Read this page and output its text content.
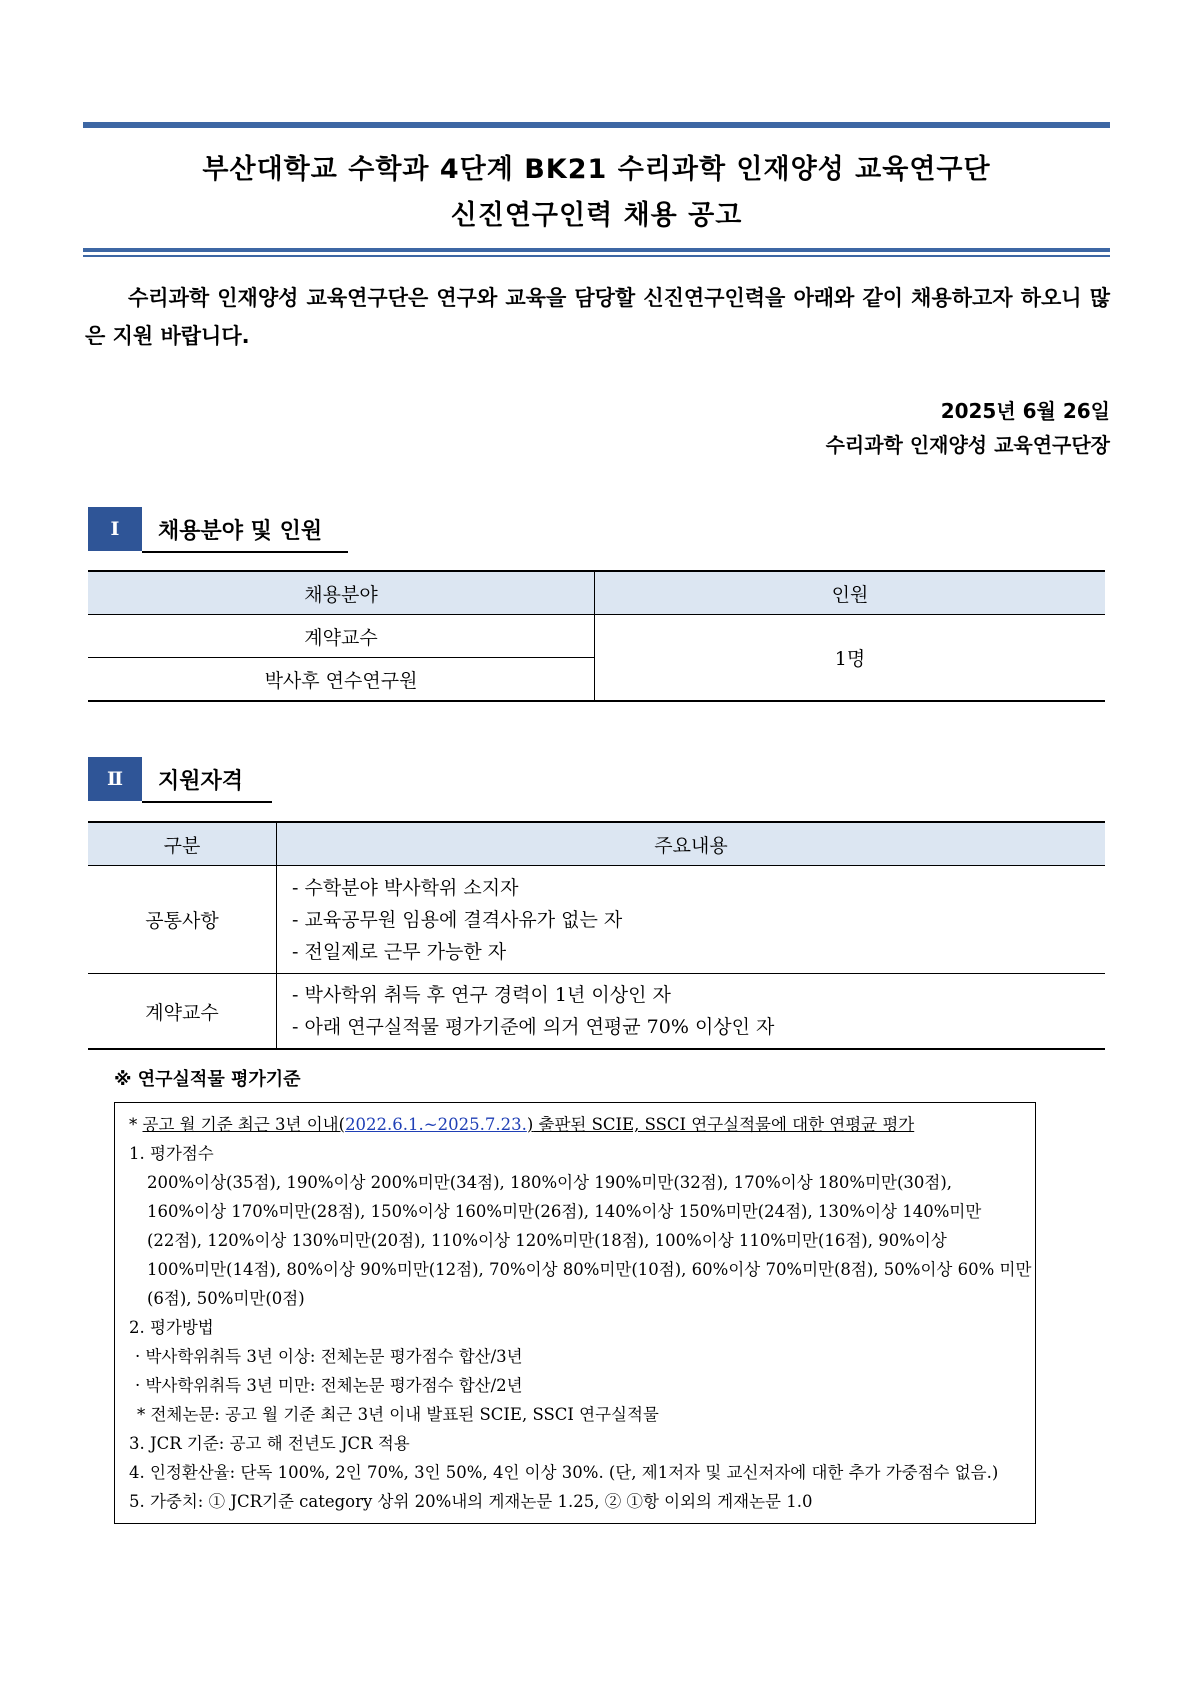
부산대학교 수학과 4단계 BK21 수리과학 인재양성 교육연구단
신진연구인력 채용 공고
수리과학 인재양성 교육연구단은 연구와 교육을 담당할 신진연구인력을 아래와 같이 채용하고자 하오니 많은 지원 바랍니다.
2025년 6월 26일
수리과학 인재양성 교육연구단장
Ⅰ	채용분야 및 인원
채용분야	인원
계약교수	1명
박사후 연수연구원	
Ⅱ	지원자격
구분	주요내용
공통사항	- 수학분야 박사학위 소지자
- 교육공무원 임용에 결격사유가 없는 자
- 전일제로 근무 가능한 자

계약교수	- 박사학위 취득 후 연구 경력이 1년 이상인 자
- 아래 연구실적물 평가기준에 의거 연평균 70% 이상인 자
※ 연구실적물 평가기준
* 공고 월 기준 최근 3년 이내(2022.6.1.~2025.7.23.) 출판된 SCIE, SSCI 연구실적물에 대한 연평균 평가
1. 평가점수
200%이상(35점), 190%이상 200%미만(34점), 180%이상 190%미만(32점), 170%이상 180%미만(30점),
160%이상 170%미만(28점), 150%이상 160%미만(26점), 140%이상 150%미만(24점), 130%이상 140%미만
(22점), 120%이상 130%미만(20점), 110%이상 120%미만(18점), 100%이상 110%미만(16점), 90%이상
100%미만(14점), 80%이상 90%미만(12점), 70%이상 80%미만(10점), 60%이상 70%미만(8점), 50%이상 60% 미만
(6점), 50%미만(0점)
2. 평가방법
· 박사학위취득 3년 이상: 전체논문 평가점수 합산/3년
· 박사학위취득 3년 미만: 전체논문 평가점수 합산/2년
* 전체논문: 공고 월 기준 최근 3년 이내 발표된 SCIE, SSCI 연구실적물
3. JCR 기준: 공고 해 전년도 JCR 적용
4. 인정환산율: 단독 100%, 2인 70%, 3인 50%, 4인 이상 30%. (단, 제1저자 및 교신저자에 대한 추가 가중점수 없음.)
5. 가중치: ① JCR기준 category 상위 20%내의 게재논문 1.25, ② ①항 이외의 게재논문 1.0
